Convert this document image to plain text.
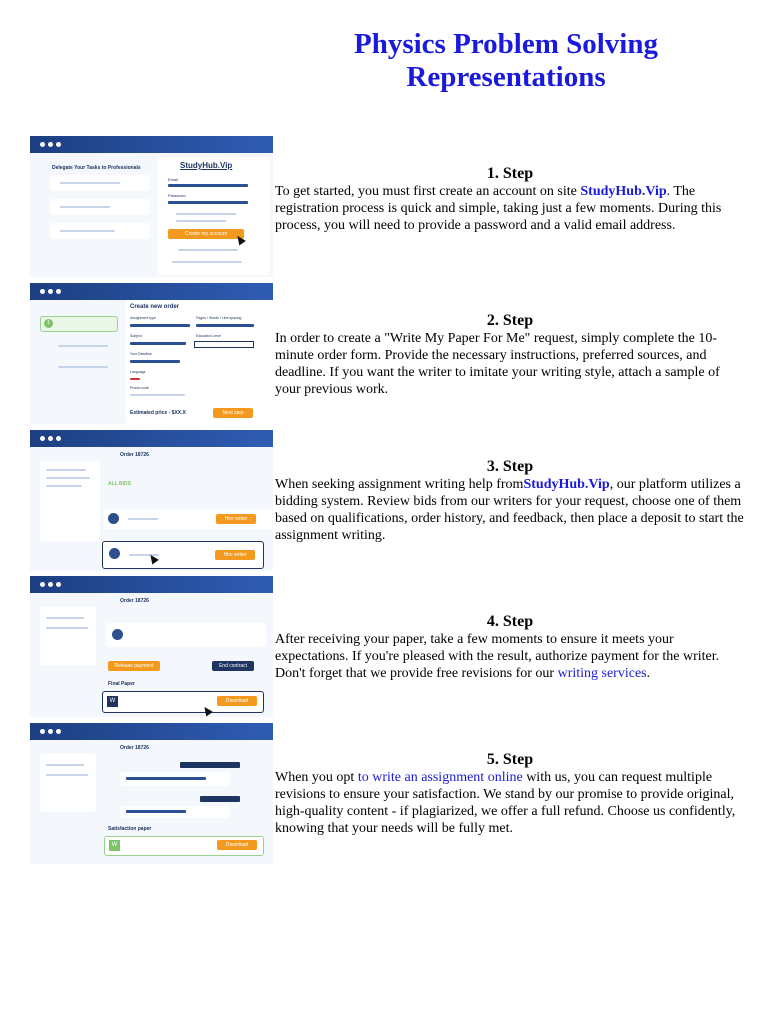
Physics Problem Solving Representations
Delegate Your Tasks to Professionals	StudyHub.Vip
Email
Password
Create my account
1
Create new order
Assignment type	Pages / Words / Line spacing
Subject	Education Level
Your Deadline
Language
Promo code
Estimated price - $XX.X	Next step
Order 18726
ALL BIDS
Hire writer
Hire writer
Order 18726
Release payment	End contract
Final Paper
W	Download
Order 18726
Satisfaction paper
W	Download
1. Step

To get started, you must first create an account on site StudyHub.Vip. The registration process is quick and simple, taking just a few moments. During this process, you will need to provide a password and a valid email address.

2. Step

In order to create a "Write My Paper For Me" request, simply complete the 10-minute order form. Provide the necessary instructions, preferred sources, and deadline. If you want the writer to imitate your writing style, attach a sample of your previous work.

3. Step

When seeking assignment writing help fromStudyHub.Vip, our platform utilizes a bidding system. Review bids from our writers for your request, choose one of them based on qualifications, order history, and feedback, then place a deposit to start the assignment writing.

4. Step

After receiving your paper, take a few moments to ensure it meets your expectations. If you're pleased with the result, authorize payment for the writer. Don't forget that we provide free revisions for our writing services.

5. Step

When you opt to write an assignment online with us, you can request multiple revisions to ensure your satisfaction. We stand by our promise to provide original, high-quality content - if plagiarized, we offer a full refund. Choose us confidently, knowing that your needs will be fully met.
